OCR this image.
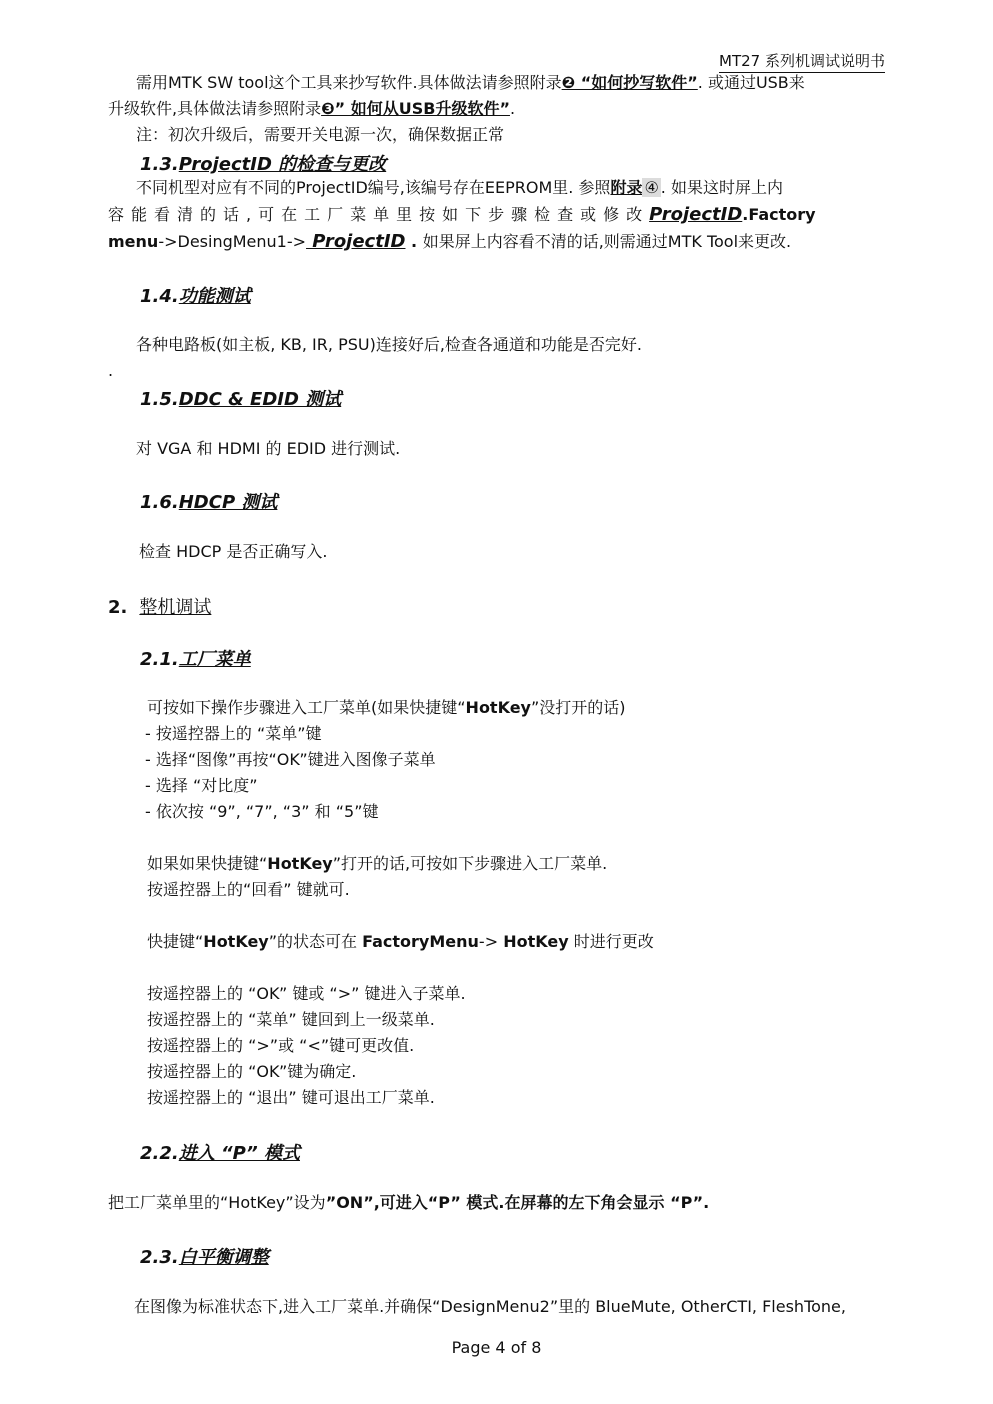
MT27 系列机调试说明书
需用MTK SW tool这个工具来抄写软件.具体做法请参照附录❷ “如何抄写软件”. 或通过USB来
升级软件,具体做法请参照附录❸” 如何从USB升级软件”.
注：初次升级后，需要开关电源一次，确保数据正常
1.3.ProjectID 的检查与更改
不同机型对应有不同的ProjectID编号,该编号存在EEPROM里. 参照附录 ④ . 如果这时屏上内
容能看清的话,可在工厂菜单里按如下步骤检查或修改ProjectID.Factory
menu->DesingMenu1-> ProjectID . 如果屏上内容看不清的话,则需通过MTK Tool来更改.
1.4.功能测试
各种电路板(如主板, KB, IR, PSU)连接好后,检查各通道和功能是否完好.
.
1.5.DDC & EDID 测试
对 VGA 和 HDMI 的 EDID 进行测试.
1.6.HDCP 测试
检查 HDCP 是否正确写入.
2. 整机调试
2.1.工厂菜单
可按如下操作步骤进入工厂菜单(如果快捷键“HotKey”没打开的话)
- 按遥控器上的 “菜单”键
- 选择“图像”再按“OK”键进入图像子菜单
- 选择 “对比度”
- 依次按 “9”, “7”, “3” 和 “5”键
如果如果快捷键“HotKey”打开的话,可按如下步骤进入工厂菜单.
按遥控器上的“回看” 键就可.
快捷键“HotKey”的状态可在 FactoryMenu-> HotKey 时进行更改
按遥控器上的 “OK” 键或 “>” 键进入子菜单.
按遥控器上的 “菜单” 键回到上一级菜单.
按遥控器上的 “>”或 “<”键可更改值.
按遥控器上的 “OK”键为确定.
按遥控器上的 “退出” 键可退出工厂菜单.
2.2.进入 “P” 模式
把工厂菜单里的“HotKey”设为”ON”,可进入“P” 模式.在屏幕的左下角会显示 “P”.
2.3.白平衡调整
在图像为标准状态下,进入工厂菜单.并确保“DesignMenu2”里的 BlueMute, OtherCTI, FleshTone,
Page 4 of 8
